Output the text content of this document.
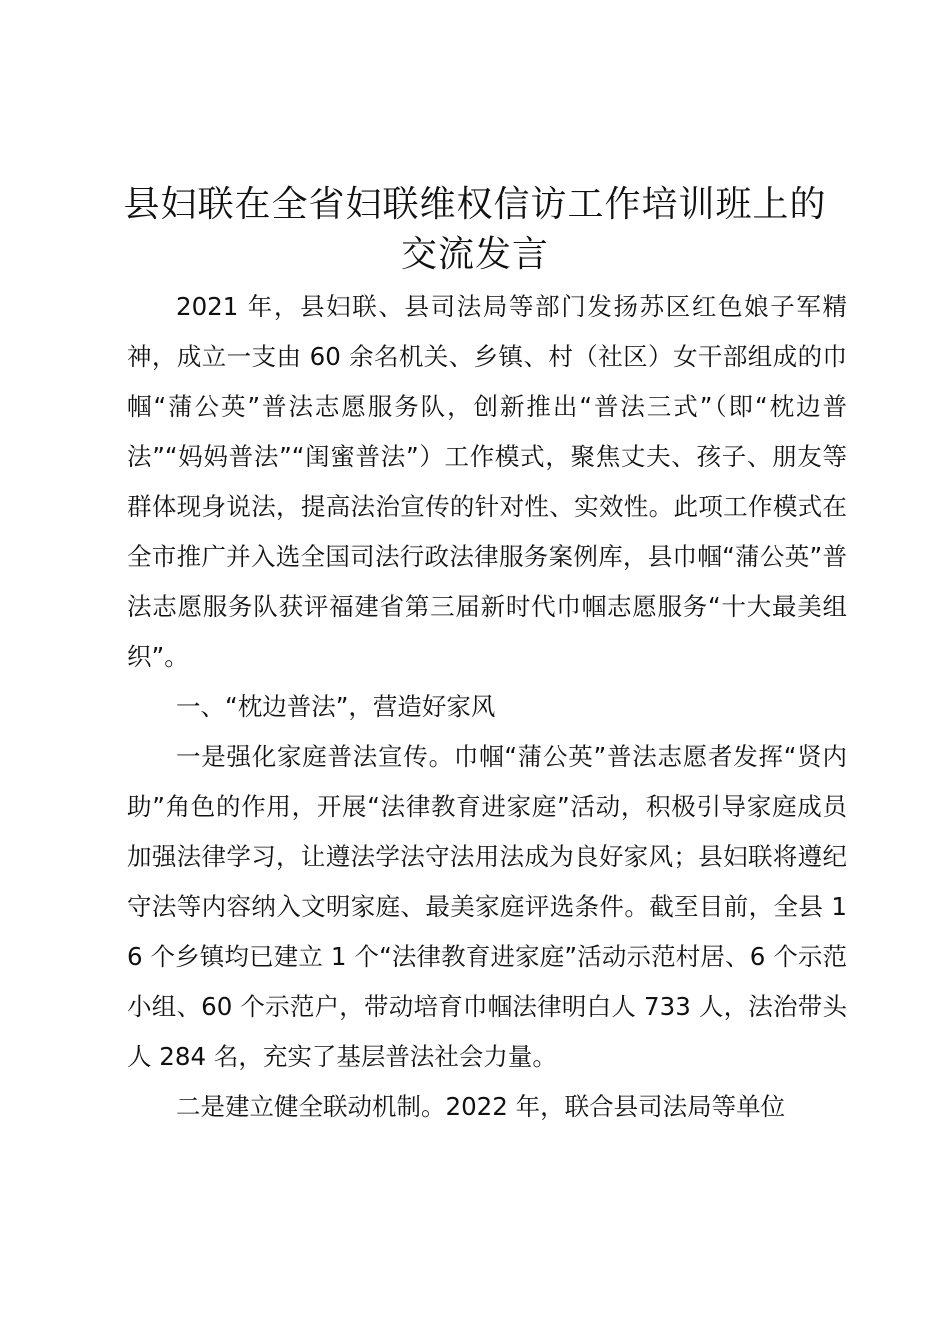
县妇联在全省妇联维权信访工作培训班上的交流发言

2021 年，县妇联、县司法局等部门发扬苏区红色娘子军精神，成立一支由 60 余名机关、乡镇、村（社区）女干部组成的巾帼“蒲公英”普法志愿服务队，创新推出“普法三式”（即“枕边普法”“妈妈普法”“闺蜜普法”）工作模式，聚焦丈夫、孩子、朋友等群体现身说法，提高法治宣传的针对性、实效性。此项工作模式在全市推广并入选全国司法行政法律服务案例库，县巾帼“蒲公英”普法志愿服务队获评福建省第三届新时代巾帼志愿服务“十大最美组织”。

一、“枕边普法”，营造好家风

一是强化家庭普法宣传。巾帼“蒲公英”普法志愿者发挥“贤内助”角色的作用，开展“法律教育进家庭”活动，积极引导家庭成员加强法律学习，让遵法学法守法用法成为良好家风；县妇联将遵纪守法等内容纳入文明家庭、最美家庭评选条件。截至目前，全县 16 个乡镇均已建立 1 个“法律教育进家庭”活动示范村居、6 个示范小组、60 个示范户，带动培育巾帼法律明白人 733 人，法治带头人 284 名，充实了基层普法社会力量。

二是建立健全联动机制。2022 年，联合县司法局等单位
